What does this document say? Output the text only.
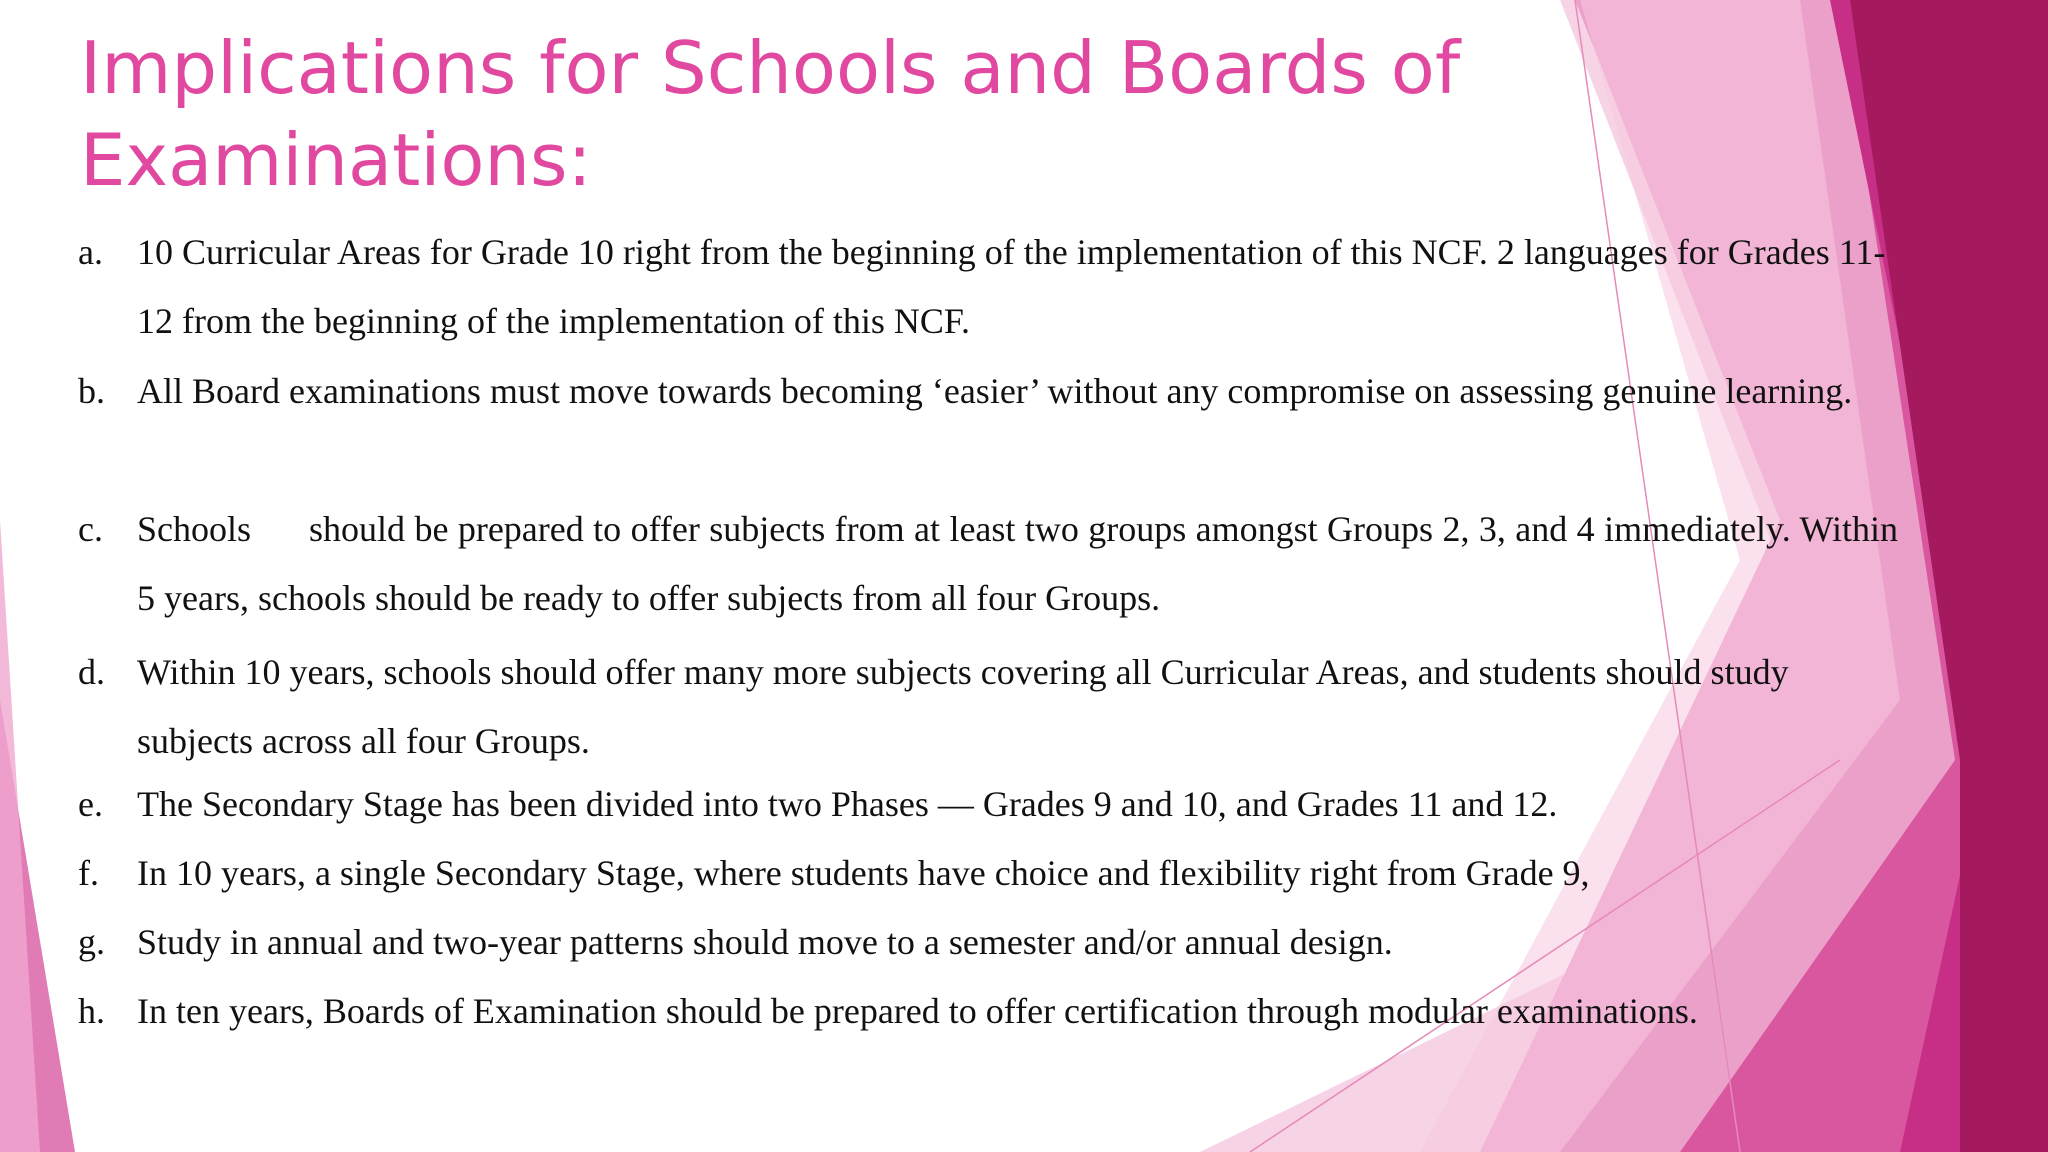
Implications for Schools and Boards of Examinations:
a. 10 Curricular Areas for Grade 10 right from the beginning of the implementation of this NCF. 2 languages for Grades 11-12 from the beginning of the implementation of this NCF.
b. All Board examinations must move towards becoming ‘easier’ without any compromise on assessing genuine learning.
c. Schools should be prepared to offer subjects from at least two groups amongst Groups 2, 3, and 4 immediately. Within 5 years, schools should be ready to offer subjects from all four Groups.
d. Within 10 years, schools should offer many more subjects covering all Curricular Areas, and students should study subjects across all four Groups.
e. The Secondary Stage has been divided into two Phases — Grades 9 and 10, and Grades 11 and 12.
f.	In 10 years, a single Secondary Stage, where students have choice and flexibility right from Grade 9,
g. Study in annual and two-year patterns should move to a semester and/or annual design.
h. In ten years, Boards of Examination should be prepared to offer certification through modular examinations.
